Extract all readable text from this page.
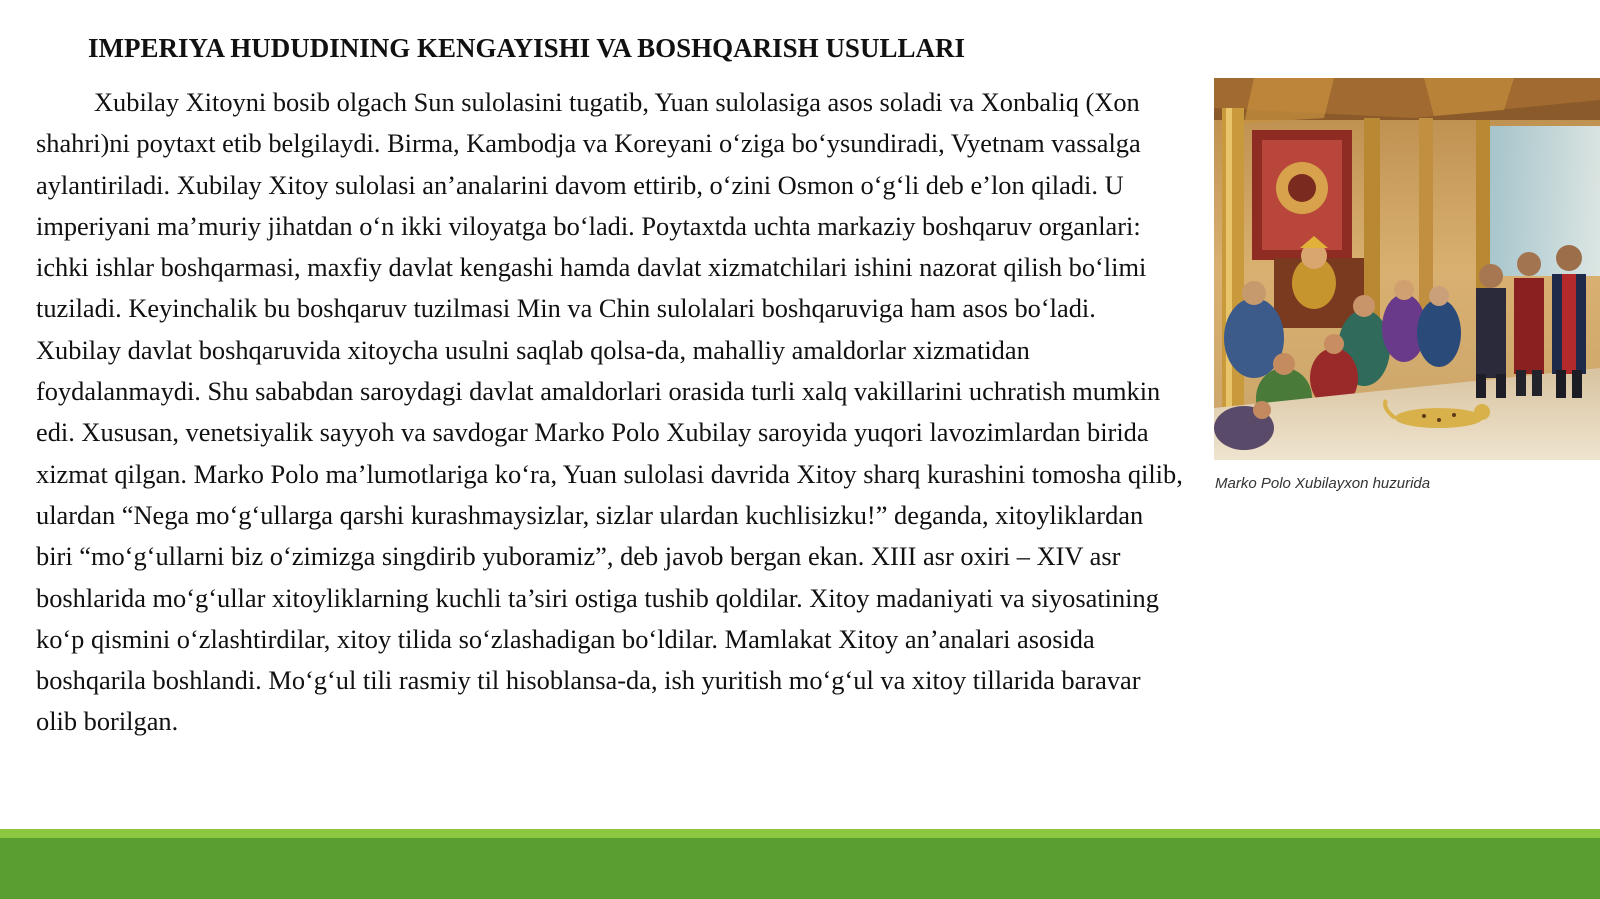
IMPERIYA HUDUDINING KENGAYISHI VA BOSHQARISH USULLARI

Xubilay Xitoyni bosib olgach Sun sulolasini tugatib, Yuan sulolasiga asos soladi va Xonbaliq (Xon shahri)ni poytaxt etib belgilaydi. Birma, Kambodja va Koreyani o‘ziga bo‘ysundiradi, Vyetnam vassalga aylantiriladi. Xubilay Xitoy sulolasi an’analarini davom ettirib, o‘zini Osmon o‘g‘li deb e’lon qiladi. U imperiyani ma’muriy jihatdan o‘n ikki viloyatga bo‘ladi. Poytaxtda uchta markaziy boshqaruv organlari: ichki ishlar boshqarmasi, maxfiy davlat kengashi hamda davlat xizmatchilari ishini nazorat qilish bo‘limi tuziladi. Keyinchalik bu boshqaruv tuzilmasi Min va Chin sulolalari boshqaruviga ham asos bo‘ladi. Xubilay davlat boshqaruvida xitoycha usulni saqlab qolsa-da, mahalliy amaldorlar xizmatidan foydalanmaydi. Shu sababdan saroydagi davlat amaldorlari orasida turli xalq vakillarini uchratish mumkin edi. Xususan, venetsiyalik sayyoh va savdogar Marko Polo Xubilay saroyida yuqori lavozimlardan birida xizmat qilgan. Marko Polo ma’lumotlariga ko‘ra, Yuan sulolasi davrida Xitoy sharq kurashini tomosha qilib, ulardan “Nega mo‘g‘ullarga qarshi kurashmaysizlar, sizlar ulardan kuchlisizku!” deganda, xitoyliklardan biri “mo‘g‘ullarni biz o‘zimizga singdirib yuboramiz”, deb javob bergan ekan. XIII asr oxiri – XIV asr boshlarida mo‘g‘ullar xitoyliklarning kuchli ta’siri ostiga tushib qoldilar. Xitoy madaniyati va siyosatining ko‘p qismini o‘zlashtirdilar, xitoy tilida so‘zlashadigan bo‘ldilar. Mamlakat Xitoy an’analari asosida boshqarila boshlandi. Mo‘g‘ul tili rasmiy til hisoblansa-da, ish yuritish mo‘g‘ul va xitoy tillarida baravar olib borilgan.

Marko Polo Xubilayxon huzurida
